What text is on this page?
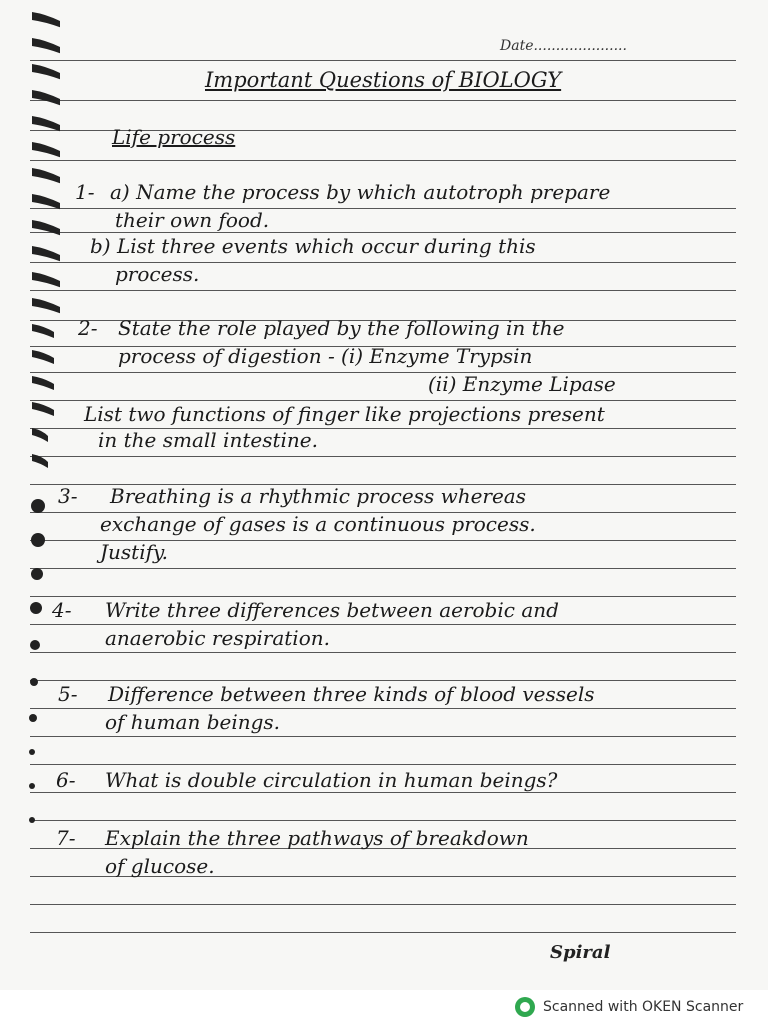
Date.....................
Important Questions of BIOLOGY
Life process
1- a) Name the process by which autotroph prepare
their own food.
b) List three events which occur during this
process.
2- State the role played by the following in the
process of digestion - (i) Enzyme Trypsin
(ii) Enzyme Lipase
List two functions of finger like projections present
in the small intestine.
3- Breathing is a rhythmic process whereas
exchange of gases is a continuous process.
Justify.
4- Write three differences between aerobic and
anaerobic respiration.
5- Difference between three kinds of blood vessels
of human beings.
6- What is double circulation in human beings?
7- Explain the three pathways of breakdown
of glucose.
Spiral
Scanned with OKEN Scanner
